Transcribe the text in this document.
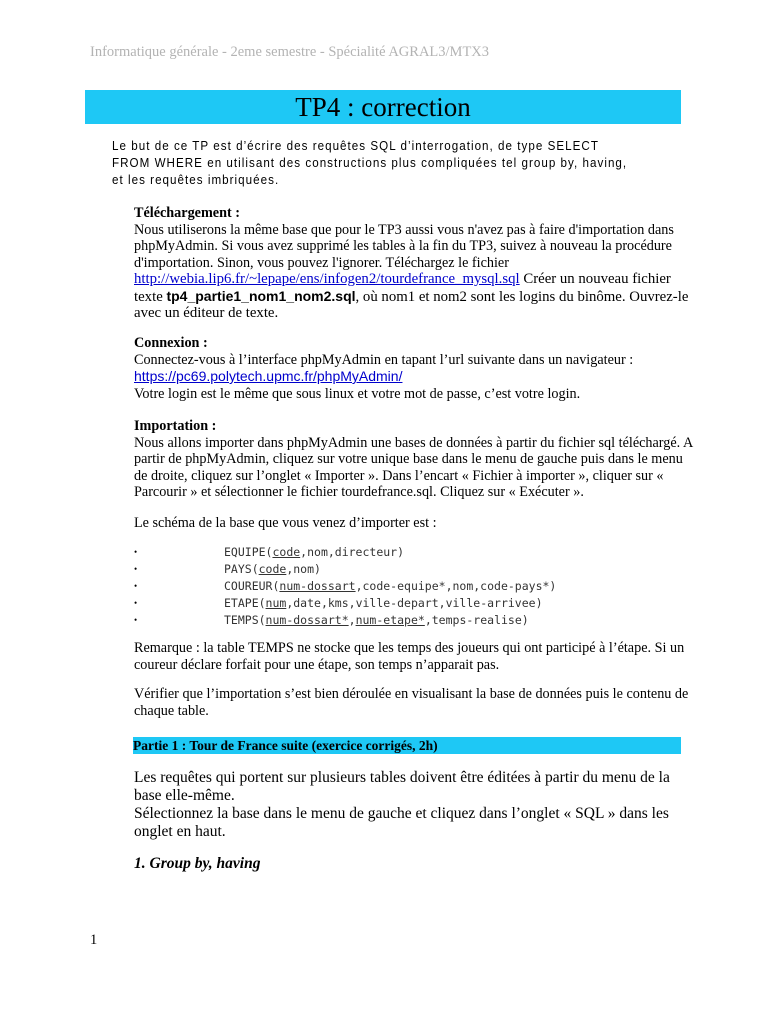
Informatique générale - 2eme semestre - Spécialité AGRAL3/MTX3
TP4 : correction
Le but de ce TP est d’écrire des requêtes SQL d’interrogation, de type SELECT FROM WHERE en utilisant des constructions plus compliquées tel group by, having, et les requêtes imbriquées.
Téléchargement :
Nous utiliserons la même base que pour le TP3 aussi vous n'avez pas à faire d'importation dans phpMyAdmin. Si vous avez supprimé les tables à la fin du TP3, suivez à nouveau la procédure d'importation. Sinon, vous pouvez l'ignorer. Téléchargez le fichier http://webia.lip6.fr/~lepape/ens/infogen2/tourdefrance_mysql.sql Créer un nouveau fichier texte tp4_partie1_nom1_nom2.sql, où nom1 et nom2 sont les logins du binôme. Ouvrez-le avec un éditeur de texte.
Connexion :
Connectez-vous à l’interface phpMyAdmin en tapant l’url suivante dans un navigateur :
https://pc69.polytech.upmc.fr/phpMyAdmin/
Votre login est le même que sous linux et votre mot de passe, c’est votre login.
Importation :
Nous allons importer dans phpMyAdmin une bases de données à partir du fichier sql téléchargé. A partir de phpMyAdmin, cliquez sur votre unique base dans le menu de gauche puis dans le menu de droite, cliquez sur l’onglet « Importer ». Dans l’encart « Fichier à importer », cliquer sur « Parcourir » et sélectionner le fichier tourdefrance.sql. Cliquez sur « Exécuter ».
Le schéma de la base que vous venez d’importer est :
•	EQUIPE(code,nom,directeur)
•	PAYS(code,nom)
•	COUREUR(num-dossart,code-equipe*,nom,code-pays*)
•	ETAPE(num,date,kms,ville-depart,ville-arrivee)
•	TEMPS(num-dossart*,num-etape*,temps-realise)
Remarque : la table TEMPS ne stocke que les temps des joueurs qui ont participé à l’étape. Si un coureur déclare forfait pour une étape, son temps n’apparait pas.
Vérifier que l’importation s’est bien déroulée en visualisant la base de données puis le contenu de chaque table.
Partie 1 : Tour de France suite (exercice corrigés, 2h)
Les requêtes qui portent sur plusieurs tables doivent être éditées à partir du menu de la base elle-même.
Sélectionnez la base dans le menu de gauche et cliquez dans l’onglet « SQL » dans les onglet en haut.
1. Group by, having
1
